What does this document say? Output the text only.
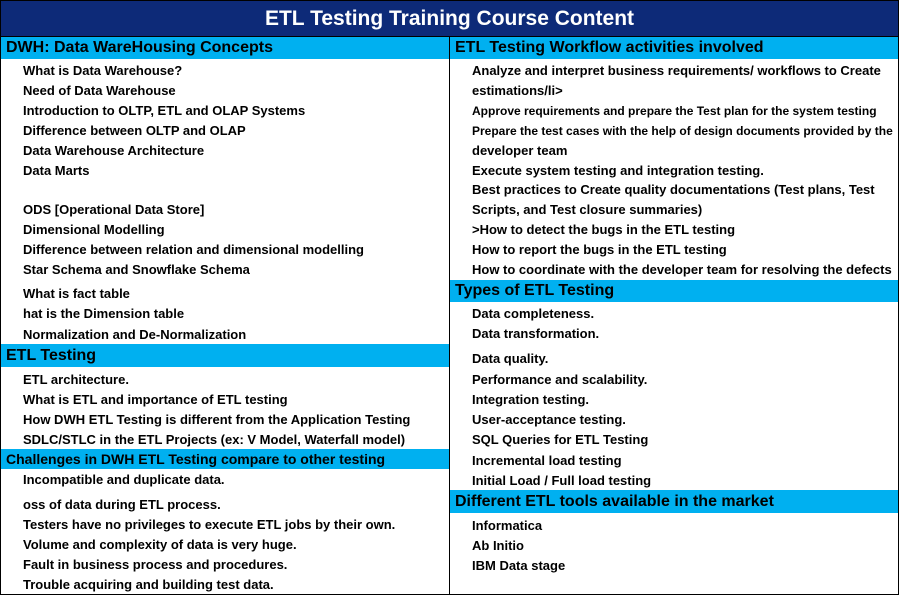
ETL Testing Training Course Content
DWH: Data WareHousing Concepts
What is Data Warehouse?
Need of Data Warehouse
Introduction to OLTP, ETL and OLAP Systems
Difference between OLTP and OLAP
Data Warehouse Architecture
Data Marts
ODS [Operational Data Store]
Dimensional Modelling
Difference between relation and dimensional modelling
Star Schema and Snowflake Schema
What is fact table
hat is the Dimension table
Normalization and De-Normalization
ETL Testing
ETL architecture.
What is ETL and importance of ETL testing
How DWH ETL Testing is different from the Application Testing
SDLC/STLC in the ETL Projects (ex: V Model, Waterfall model)
Challenges in DWH ETL Testing compare to other testing
Incompatible and duplicate data.
oss of data during ETL process.
Testers have no privileges to execute ETL jobs by their own.
Volume and complexity of data is very huge.
Fault in business process and procedures.
Trouble acquiring and building test data.
ETL Testing Workflow activities involved
Analyze and interpret business requirements/ workflows to Create
estimations/li>
Approve requirements and prepare the Test plan for the system testing
Prepare the test cases with the help of design documents provided by the
developer team
Execute system testing and integration testing.
Best practices to Create quality documentations (Test plans, Test
Scripts, and Test closure summaries)
>How to detect the bugs in the ETL testing
How to report the bugs in the ETL testing
How to coordinate with the developer team for resolving the defects
Types of ETL Testing
Data completeness.
Data transformation.
Data quality.
Performance and scalability.
Integration testing.
User-acceptance testing.
SQL Queries for ETL Testing
Incremental load testing
Initial Load / Full load testing
Different ETL tools available in the market
Informatica
Ab Initio
IBM Data stage
